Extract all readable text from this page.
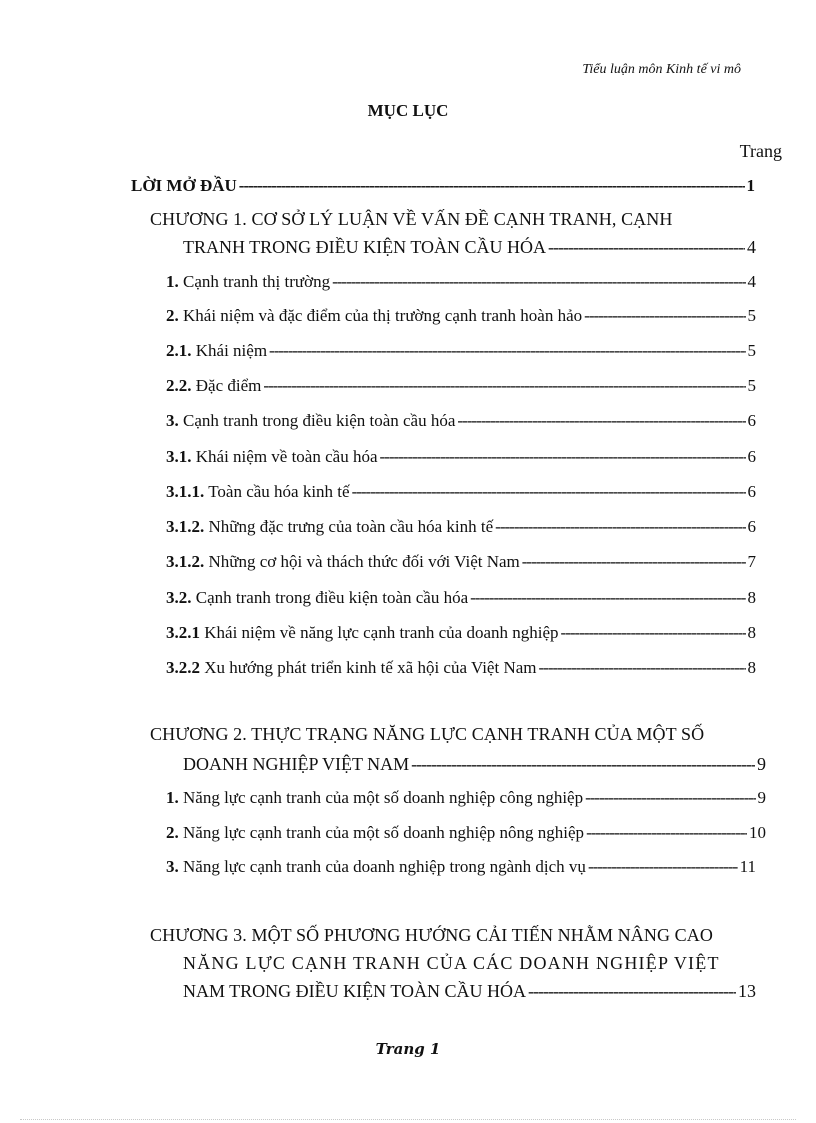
Tiểu luận môn Kinh tế vi mô
MỤC LỤC
Trang
LỜI MỞ ĐẦU -----	1
CHƯƠNG 1. CƠ SỞ LÝ LUẬN VỀ VẤN ĐỀ CẠNH TRANH, CẠNH
TRANH TRONG ĐIỀU KIỆN TOÀN CẦU HÓA -----	4
1. Cạnh tranh thị trường -----	4
2. Khái niệm và đặc điểm của thị trường cạnh tranh hoàn hảo -----	5
2.1. Khái niệm -----	5
2.2. Đặc điểm -----	5
3. Cạnh tranh trong điều kiện toàn cầu hóa -----	6
3.1. Khái niệm về toàn cầu hóa -----	6
3.1.1. Toàn cầu hóa kinh tế -----	6
3.1.2. Những đặc trưng của toàn cầu hóa kinh tế -----	6
3.1.2. Những cơ hội và thách thức đối với Việt Nam -----	7
3.2. Cạnh tranh trong điều kiện toàn cầu hóa -----	8
3.2.1 Khái niệm về năng lực cạnh tranh của doanh nghiệp -----	8
3.2.2 Xu hướng phát triển kinh tế xã hội của Việt Nam -----	8
CHƯƠNG 2. THỰC TRẠNG NĂNG LỰC CẠNH TRANH CỦA MỘT SỐ
DOANH NGHIỆP VIỆT NAM -----	9
1. Năng lực cạnh tranh của một số doanh nghiệp công nghiệp -----	9
2. Năng lực cạnh tranh của một số doanh nghiệp nông nghiệp -----	10
3. Năng lực cạnh tranh của doanh nghiệp trong ngành dịch vụ -----	11
CHƯƠNG 3. MỘT SỐ PHƯƠNG HƯỚNG CẢI TIẾN NHẰM NÂNG CAO
NĂNG LỰC CẠNH TRANH CỦA CÁC DOANH NGHIỆP VIỆT
NAM TRONG ĐIỀU KIỆN TOÀN CẦU HÓA -----	13
Trang 1
